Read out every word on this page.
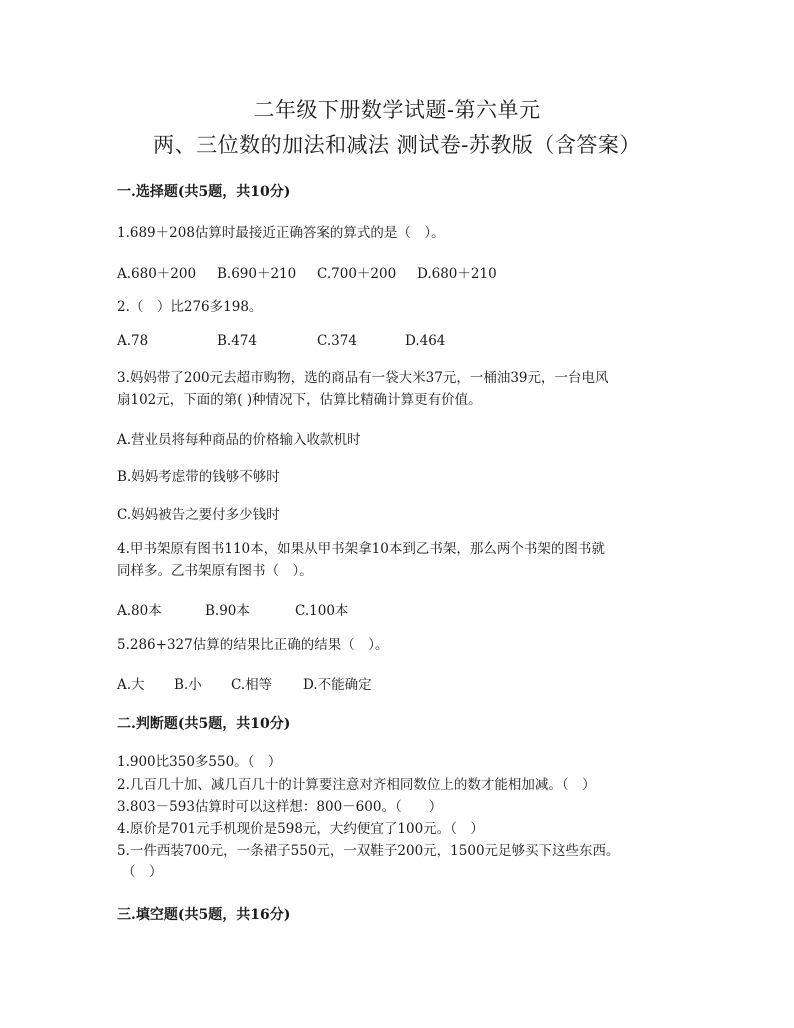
二年级下册数学试题-第六单元
两、三位数的加法和减法 测试卷-苏教版（含答案）
一.选择题(共5题，共10分)
1.689＋208估算时最接近正确答案的算式的是（　）。
A.680＋200 B.690＋210 C.700＋200 D.680＋210
2.（　）比276多198。
A.78	B.474	C.374	D.464
3.妈妈带了200元去超市购物，选的商品有一袋大米37元，一桶油39元，一台电风
扇102元，下面的第( )种情况下，估算比精确计算更有价值。
A.营业员将每种商品的价格输入收款机时
B.妈妈考虑带的钱够不够时
C.妈妈被告之要付多少钱时
4.甲书架原有图书110本，如果从甲书架拿10本到乙书架，那么两个书架的图书就
同样多。乙书架原有图书（　）。
A.80本	B.90本	C.100本
5.286+327估算的结果比正确的结果（　）。
A.大 B.小 C.相等 D.不能确定
二.判断题(共5题，共10分)
1.900比350多550。（　）
2.几百几十加、减几百几十的计算要注意对齐相同数位上的数才能相加减。（　）
3.803－593估算时可以这样想：800－600。（　　）
4.原价是701元手机现价是598元，大约便宜了100元。（　）
5.一件西装700元，一条裙子550元，一双鞋子200元，1500元足够买下这些东西。
（　）
三.填空题(共5题，共16分)
